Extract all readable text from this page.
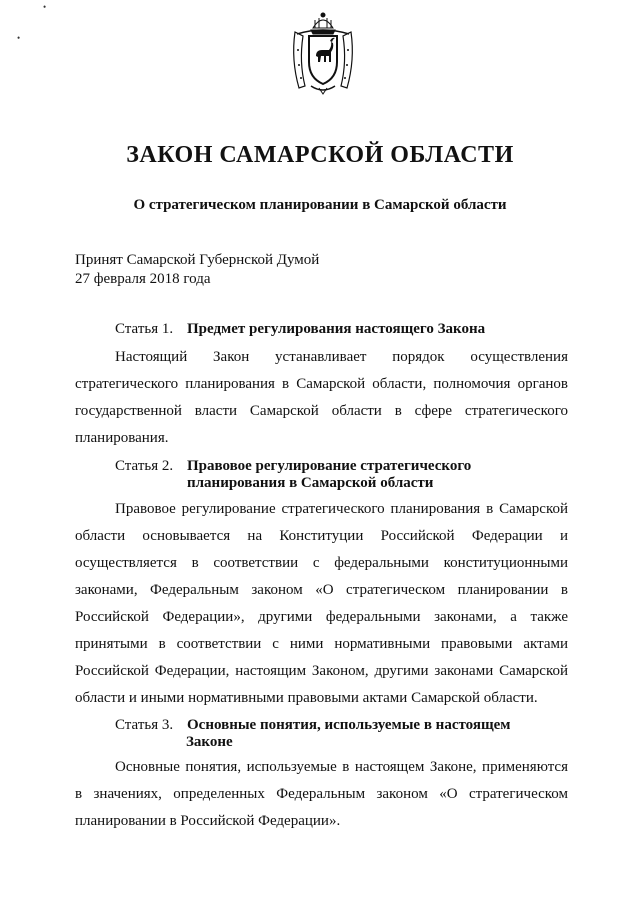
•
•
ЗАКОН САМАРСКОЙ ОБЛАСТИ
О стратегическом планировании в Самарской области
Принят Самарской Губернской Думой
27 февраля 2018 года
Статья 1. Предмет регулирования настоящего Закона
Настоящий Закон устанавливает порядок осуществления стратегического планирования в Самарской области, полномочия органов государственной власти Самарской области в сфере стратегического планирования.
Статья 2. Правовое регулирование стратегического
планирования в Самарской области
Правовое регулирование стратегического планирования в Самарской области основывается на Конституции Российской Федерации и осуществляется в соответствии с федеральными конституционными законами, Федеральным законом «О стратегическом планировании в Российской Федерации», другими федеральными законами, а также принятыми в соответствии с ними нормативными правовыми актами Российской Федерации, настоящим Законом, другими законами Самарской области и иными нормативными правовыми актами Самарской области.
Статья 3. Основные понятия, используемые в настоящем
Законе
Основные понятия, используемые в настоящем Законе, применяются в значениях, определенных Федеральным законом «О стратегическом планировании в Российской Федерации».
